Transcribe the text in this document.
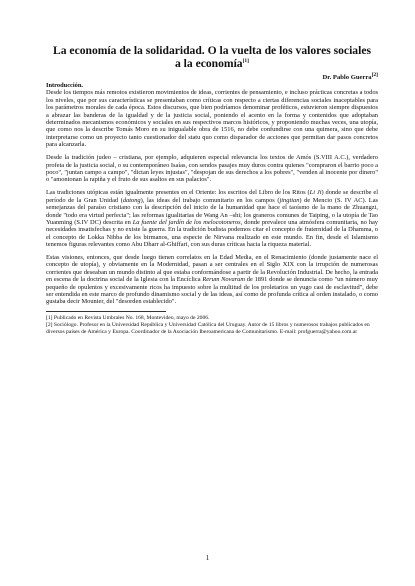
La economía de la solidaridad. O la vuelta de los valores sociales
a la economía[1]
Dr. Pablo Guerra[2]
Introducción.

Desde los tiempos más remotos existieron movimientos de ideas, corrientes de pensamiento, e incluso prácticas concretas a todos los niveles, que por sus características se presentaban como críticas con respecto a ciertas diferencias sociales inaceptables para los parámetros morales de cada época. Estos discursos, que bien podríamos denominar proféticos, estuvieron siempre dispuestos a abrazar las banderas de la igualdad y de la justicia social, poniendo el acento en la forma y contenidos que adoptaban determinados mecanismos económicos y sociales en sus respectivos marcos históricos, y proponiendo muchas veces, una utopía, que como nos la describe Tomás Moro en su inigualable obra de 1516, no debe confundirse con una quimera, sino que debe interpretarse como un proyecto tanto cuestionador del statu quo como disparador de acciones que permitan dar pasos concretos para alcanzarla.

Desde la tradición judeo – cristiana, por ejemplo, adquieren especial relevancia los textos de Amós (S.VIII A.C.), verdadero profeta de la justicia social, o su contemporáneo Isaías, con sendos pasajes muy duros contra quienes "compraron el barrio poco a poco", "juntan campo a campo", "dictan leyes injustas", "despojan de sus derechos a los pobres", "venden al inocente por dinero" o "amontonan la rapiña y el fruto de sus asaltos en sus palacios".

Las tradiciones utópicas están igualmente presentes en el Oriente: los escritos del Libro de los Ritos (Li Ji) donde se describe el período de la Gran Unidad (datong), las ideas del trabajo comunitario en los campos (jingtian) de Mencio (S. IV AC). Las semejanzas del paraíso cristiano con la descripción del inicio de la humanidad que hace el taoísmo de la mano de Zhuangzi, donde "todo era virtud perfecta"; las reformas igualitarias de Wang An –shi; los graneros comunes de Taiping, o la utopía de Tao Yuanming (S.IV DC) descrita en La fuente del jardín de los melocotoneros, donde prevalece una atmósfera comunitaria, no hay necesidades insatisfechas y no existe la guerra. En la tradición budista podemos citar el concepto de fraternidad de la Dhamma, o el concepto de Lokka Nibba de los birmanos, una especie de Nirvana realizado en este mundo. En fin, desde el Islamismo tenemos figuras relevantes como Abu Dharr al-Ghiffari, con sus duras críticas hacia la riqueza material.

Estas visiones, entonces, que desde luego tienen correlatos en la Edad Media, en el Renacimiento (donde justamente nace el concepto de utopía), y obviamente en la Modernidad, pasan a ser centrales en el Siglo XIX con la irrupción de numerosas corrientes que deseaban un mundo distinto al que estaba conformándose a partir de la Revolución Industrial. De hecho, la entrada en escena de la doctrina social de la Iglesia con la Encíclica Rerum Novarum de 1891 donde se denuncia como "un número muy pequeño de opulentos y excesivamente ricos ha impuesto sobre la multitud de los proletarios un yugo casi de esclavitud", debe ser entendida en este marco de profundo dinamismo social y de las ideas, así como de profunda crítica al orden instalado, o como gustaba decir Mounier, del "desorden establecido".

[1] Publicado en Revista Umbrales No. 168, Montevideo, mayo de 2006.
[2] Sociólogo. Profesor en la Universidad República y Universidad Católica del Uruguay. Autor de 15 libros y numerosos trabajos publicados en diversos países de América y Europa. Coordinador de la Asociación Iberoamericana de Comunitarismo. E-mail: profguerra@yahoo.com.ar
1
